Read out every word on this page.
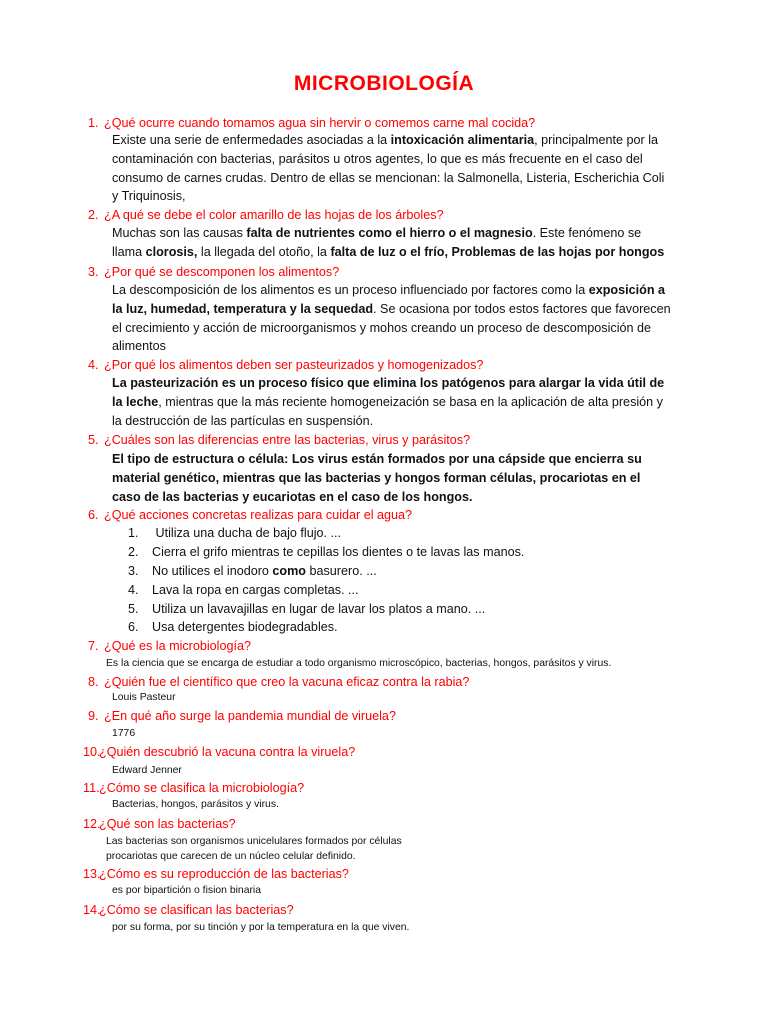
MICROBIOLOGÍA
1. ¿Qué ocurre cuando tomamos agua sin hervir o comemos carne mal cocida?
Existe una serie de enfermedades asociadas a la intoxicación alimentaria, principalmente por la contaminación con bacterias, parásitos u otros agentes, lo que es más frecuente en el caso del consumo de carnes crudas. Dentro de ellas se mencionan: la Salmonella, Listeria, Escherichia Coli y Triquinosis,
2. ¿A qué se debe el color amarillo de las hojas de los árboles?
Muchas son las causas falta de nutrientes como el hierro o el magnesio. Este fenómeno se llama clorosis, la llegada del otoño, la falta de luz o el frío, Problemas de las hojas por hongos
3. ¿Por qué se descomponen los alimentos?
La descomposición de los alimentos es un proceso influenciado por factores como la exposición a la luz, humedad, temperatura y la sequedad. Se ocasiona por todos estos factores que favorecen el crecimiento y acción de microorganismos y mohos creando un proceso de descomposición de alimentos
4. ¿Por qué los alimentos deben ser pasteurizados y homogenizados?
La pasteurización es un proceso físico que elimina los patógenos para alargar la vida útil de la leche, mientras que la más reciente homogeneización se basa en la aplicación de alta presión y la destrucción de las partículas en suspensión.
5. ¿Cuáles son las diferencias entre las bacterias, virus y parásitos?
El tipo de estructura o célula: Los virus están formados por una cápside que encierra su material genético, mientras que las bacterias y hongos forman células, procariotas en el caso de las bacterias y eucariotas en el caso de los hongos.
6. ¿Qué acciones concretas realizas para cuidar el agua?
1. Utiliza una ducha de bajo flujo. ...
2. Cierra el grifo mientras te cepillas los dientes o te lavas las manos.
3. No utilices el inodoro como basurero. ...
4. Lava la ropa en cargas completas. ...
5. Utiliza un lavavajillas en lugar de lavar los platos a mano. ...
6. Usa detergentes biodegradables.
7. ¿Qué es la microbiología?
Es la ciencia que se encarga de estudiar a todo organismo microscópico, bacterias, hongos, parásitos y virus.
8. ¿Quién fue el científico que creo la vacuna eficaz contra la rabia?
Louis Pasteur
9. ¿En qué año surge la pandemia mundial de viruela?
1776
10.¿Quién descubrió la vacuna contra la viruela?
Edward Jenner
11.¿Cómo se clasifica la microbiología?
Bacterias, hongos, parásitos y virus.
12.¿Qué son las bacterias?
Las bacterias son organismos unicelulares formados por células
procariotas que carecen de un núcleo celular definido.
13.¿Cómo es su reproducción de las bacterias?
es por bipartición o fision binaria
14.¿Cómo se clasifican las bacterias?
por su forma, por su tinción y por la temperatura en la que viven.
